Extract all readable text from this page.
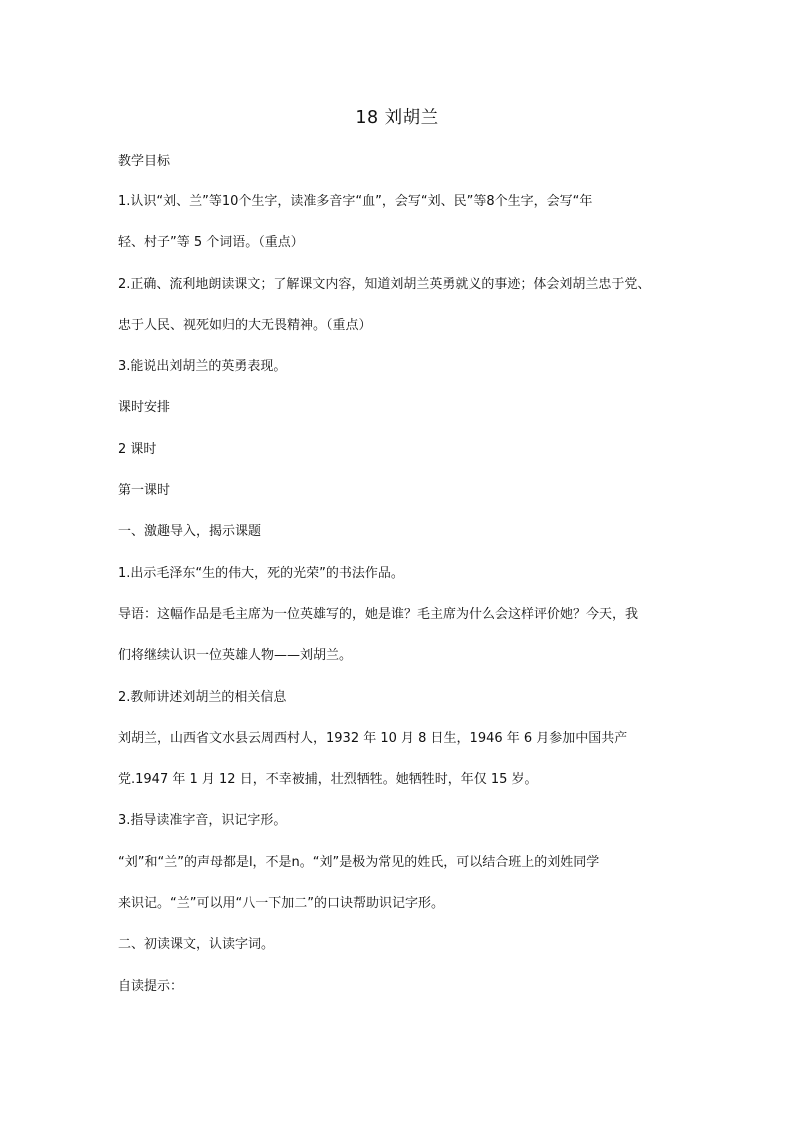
18 刘胡兰

教学目标

1.认识“刘、兰”等10个生字，读准多音字“血”，会写“刘、民”等8个生字，会写“年

轻、村子”等 5 个词语。（重点）

2.正确、流利地朗读课文；了解课文内容，知道刘胡兰英勇就义的事迹；体会刘胡兰忠于党、

忠于人民、视死如归的大无畏精神。（重点）

3.能说出刘胡兰的英勇表现。

课时安排

2 课时

第一课时

一、激趣导入，揭示课题

1.出示毛泽东“生的伟大，死的光荣”的书法作品。

导语：这幅作品是毛主席为一位英雄写的，她是谁？毛主席为什么会这样评价她？今天，我

们将继续认识一位英雄人物——刘胡兰。

2.教师讲述刘胡兰的相关信息

刘胡兰，山西省文水县云周西村人，1932 年 10 月 8 日生，1946 年 6 月参加中国共产

党.1947 年 1 月 12 日，不幸被捕，壮烈牺牲。她牺牲时，年仅 15 岁。

3.指导读准字音，识记字形。

“刘”和“兰”的声母都是l，不是n。“刘”是极为常见的姓氏，可以结合班上的刘姓同学

来识记。“兰”可以用“八一下加二”的口诀帮助识记字形。

二、初读课文，认读字词。

自读提示：
